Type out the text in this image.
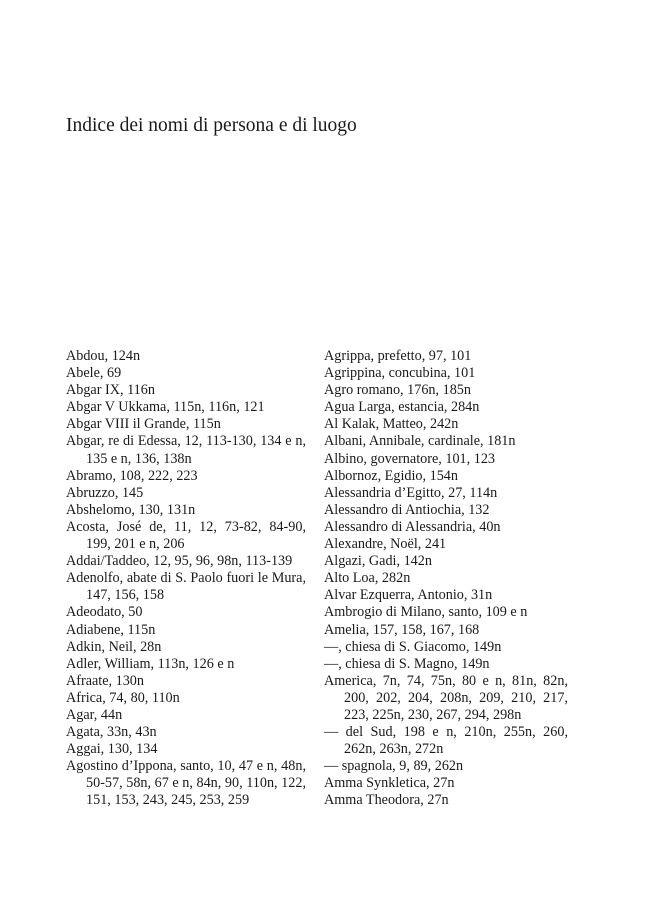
Indice dei nomi di persona e di luogo
Abdou, 124n
Abele, 69
Abgar IX, 116n
Abgar V Ukkama, 115n, 116n, 121
Abgar VIII il Grande, 115n
Abgar, re di Edessa, 12, 113-130, 134 e n, 135 e n, 136, 138n
Abramo, 108, 222, 223
Abruzzo, 145
Abshelomo, 130, 131n
Acosta, José de, 11, 12, 73-82, 84-90, 199, 201 e n, 206
Addai/Taddeo, 12, 95, 96, 98n, 113-139
Adenolfo, abate di S. Paolo fuori le Mura, 147, 156, 158
Adeodato, 50
Adiabene, 115n
Adkin, Neil, 28n
Adler, William, 113n, 126 e n
Afraate, 130n
Africa, 74, 80, 110n
Agar, 44n
Agata, 33n, 43n
Aggai, 130, 134
Agostino d’Ippona, santo, 10, 47 e n, 48n, 50-57, 58n, 67 e n, 84n, 90, 110n, 122, 151, 153, 243, 245, 253, 259
Agrippa, prefetto, 97, 101
Agrippina, concubina, 101
Agro romano, 176n, 185n
Agua Larga, estancia, 284n
Al Kalak, Matteo, 242n
Albani, Annibale, cardinale, 181n
Albino, governatore, 101, 123
Albornoz, Egidio, 154n
Alessandria d’Egitto, 27, 114n
Alessandro di Antiochia, 132
Alessandro di Alessandria, 40n
Alexandre, Noël, 241
Algazi, Gadi, 142n
Alto Loa, 282n
Alvar Ezquerra, Antonio, 31n
Ambrogio di Milano, santo, 109 e n
Amelia, 157, 158, 167, 168
—, chiesa di S. Giacomo, 149n
—, chiesa di S. Magno, 149n
America, 7n, 74, 75n, 80 e n, 81n, 82n, 200, 202, 204, 208n, 209, 210, 217, 223, 225n, 230, 267, 294, 298n
— del Sud, 198 e n, 210n, 255n, 260, 262n, 263n, 272n
— spagnola, 9, 89, 262n
Amma Synkletica, 27n
Amma Theodora, 27n
